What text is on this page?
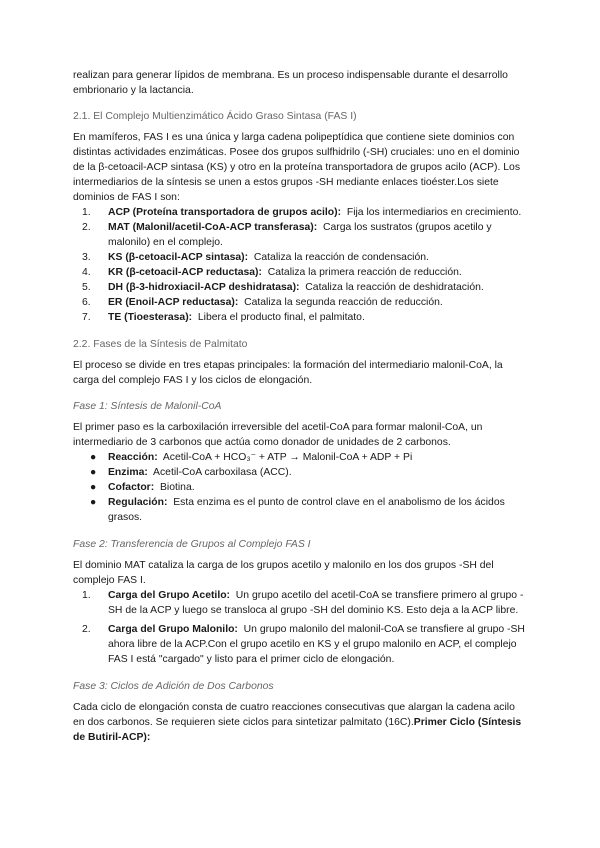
realizan para generar lípidos de membrana. Es un proceso indispensable durante el desarrollo embrionario y la lactancia.

2.1. El Complejo Multienzimático Ácido Graso Sintasa (FAS I)

En mamíferos, FAS I es una única y larga cadena polipeptídica que contiene siete dominios con distintas actividades enzimáticas. Posee dos grupos sulfhidrilo (-SH) cruciales: uno en el dominio de la β-cetoacil-ACP sintasa (KS) y otro en la proteína transportadora de grupos acilo (ACP). Los intermediarios de la síntesis se unen a estos grupos -SH mediante enlaces tioéster.Los siete dominios de FAS I son:

1.	ACP (Proteína transportadora de grupos acilo): Fija los intermediarios en crecimiento.
2.	MAT (Malonil/acetil-CoA-ACP transferasa): Carga los sustratos (grupos acetilo y malonilo) en el complejo.
3.	KS (β-cetoacil-ACP sintasa): Cataliza la reacción de condensación.
4.	KR (β-cetoacil-ACP reductasa): Cataliza la primera reacción de reducción.
5.	DH (β-3-hidroxiacil-ACP deshidratasa): Cataliza la reacción de deshidratación.
6.	ER (Enoil-ACP reductasa): Cataliza la segunda reacción de reducción.
7.	TE (Tioesterasa): Libera el producto final, el palmitato.

2.2. Fases de la Síntesis de Palmitato

El proceso se divide en tres etapas principales: la formación del intermediario malonil-CoA, la carga del complejo FAS I y los ciclos de elongación.

Fase 1: Síntesis de Malonil-CoA

El primer paso es la carboxilación irreversible del acetil-CoA para formar malonil-CoA, un intermediario de 3 carbonos que actúa como donador de unidades de 2 carbonos.

● Reacción: Acetil-CoA + HCO₃⁻ + ATP → Malonil-CoA + ADP + Pi
● Enzima: Acetil-CoA carboxilasa (ACC).
● Cofactor: Biotina.
● Regulación: Esta enzima es el punto de control clave en el anabolismo de los ácidos grasos.

Fase 2: Transferencia de Grupos al Complejo FAS I

El dominio MAT cataliza la carga de los grupos acetilo y malonilo en los dos grupos -SH del complejo FAS I.

1.	Carga del Grupo Acetilo: Un grupo acetilo del acetil-CoA se transfiere primero al grupo -SH de la ACP y luego se transloca al grupo -SH del dominio KS. Esto deja a la ACP libre.
2.	Carga del Grupo Malonilo: Un grupo malonilo del malonil-CoA se transfiere al grupo -SH ahora libre de la ACP.Con el grupo acetilo en KS y el grupo malonilo en ACP, el complejo FAS I está "cargado" y listo para el primer ciclo de elongación.

Fase 3: Ciclos de Adición de Dos Carbonos

Cada ciclo de elongación consta de cuatro reacciones consecutivas que alargan la cadena acilo en dos carbonos. Se requieren siete ciclos para sintetizar palmitato (16C).Primer Ciclo (Síntesis de Butiril-ACP):
